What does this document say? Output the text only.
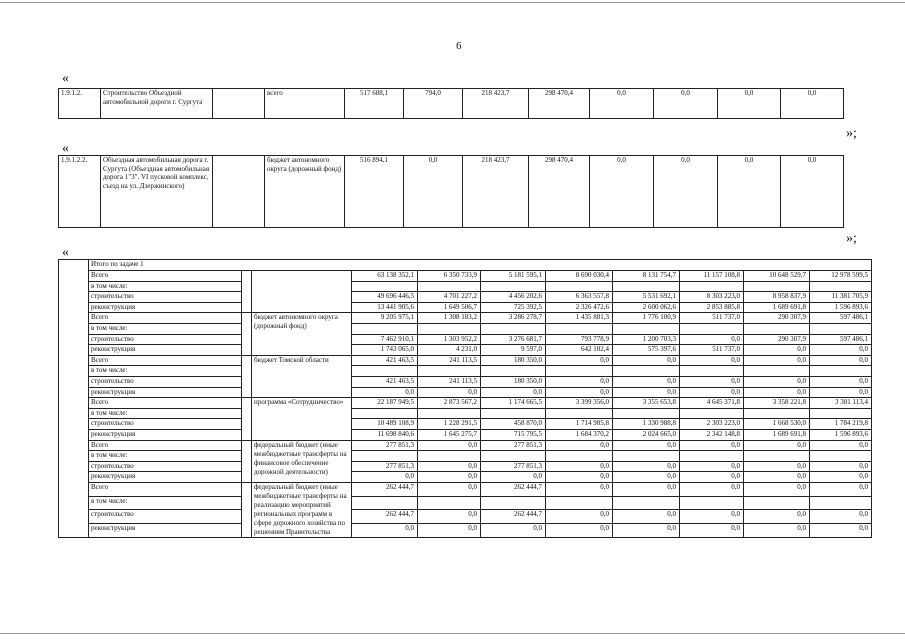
6
«
1.9.1.2.	Строительство Объездной автомобильной дороги г. Сургута		всего	517 688,1	794,0	218 423,7	298 470,4	0,0	0,0	0,0	0,0
»;
«
1.9.1.2.2.	Объездная автомобильная дорога г. Сургута (Объездная автомобильная дорога 1"3". VI пусковой комплекс, съезд на ул. Дзержинского)		бюджет автономного округа (дорожный фонд)	516 894,1	0,0	218 423,7	298 470,4	0,0	0,0	0,0	0,0
»;
«
	Итого по задаче 1										
	Всего			63 138 352,1	6 350 733,9	5 181 595,1	8 690 030,4	8 131 754,7	11 157 108,8	10 648 529,7	12 978 599,5
	в том числе:										
	строительство			49 696 446,5	4 701 227,2	4 456 202,6	6 363 557,8	5 531 692,1	8 303 223,0	8 958 837,9	11 381 705,9
	реконструкция			13 441 905,6	1 649 506,7	725 392,5	2 326 472,6	2 600 062,6	2 853 885,8	1 689 691,8	1 596 893,6
	Всего		бюджет автономного округа (дорожный фонд)	9 205 975,1	1 308 183,2	3 286 278,7	1 435 881,3	1 776 100,9	511 737,0	290 307,9	597 486,1
	в том числе:										
	строительство			7 462 910,1	1 303 952,2	3 276 681,7	793 778,9	1 200 703,3	0,0	290 307,9	597 486,1
	реконструкция			1 743 065,0	4 231,0	9 597,0	642 102,4	575 397,6	511 737,0	0,0	0,0
	Всего		бюджет Томской области	421 463,5	241 113,5	180 350,0	0,0	0,0	0,0	0,0	0,0
	в том числе:										
	строительство			421 463,5	241 113,5	180 350,0	0,0	0,0	0,0	0,0	0,0
	реконструкция			0,0	0,0	0,0	0,0	0,0	0,0	0,0	0,0
	Всего		программа «Сотрудничество»	22 187 949,5	2 873 567,2	1 174 665,5	3 399 356,0	3 355 653,8	4 645 371,8	3 358 221,8	3 381 113,4
	в том числе:										
	строительство			10 489 108,9	1 228 291,5	458 870,0	1 714 985,8	1 330 988,8	2 303 223,0	1 668 530,0	1 784 219,8
	реконструкция			11 698 840,6	1 645 275,7	715 795,5	1 684 370,2	2 024 665,0	2 342 148,8	1 689 691,8	1 596 893,6
	Всего		федеральный бюджет (иные межбюджетные трансферты на финансовое обеспечение дорожной деятельности)	277 851,3	0,0	277 851,3	0,0	0,0	0,0	0,0	0,0
	в том числе:										
	строительство			277 851,3	0,0	277 851,3	0,0	0,0	0,0	0,0	0,0
	реконструкция			0,0	0,0	0,0	0,0	0,0	0,0	0,0	0,0
	Всего		федеральный бюджет (иные межбюджетные трансферты на реализацию мероприятий региональных программ в сфере дорожного хозяйства по решениям Правительства	262 444,7	0,0	262 444,7	0,0	0,0	0,0	0,0	0,0
	в том числе:										
	строительство			262 444,7	0,0	262 444,7	0,0	0,0	0,0	0,0	0,0
	реконструкция			0,0	0,0	0,0	0,0	0,0	0,0	0,0	0,0
